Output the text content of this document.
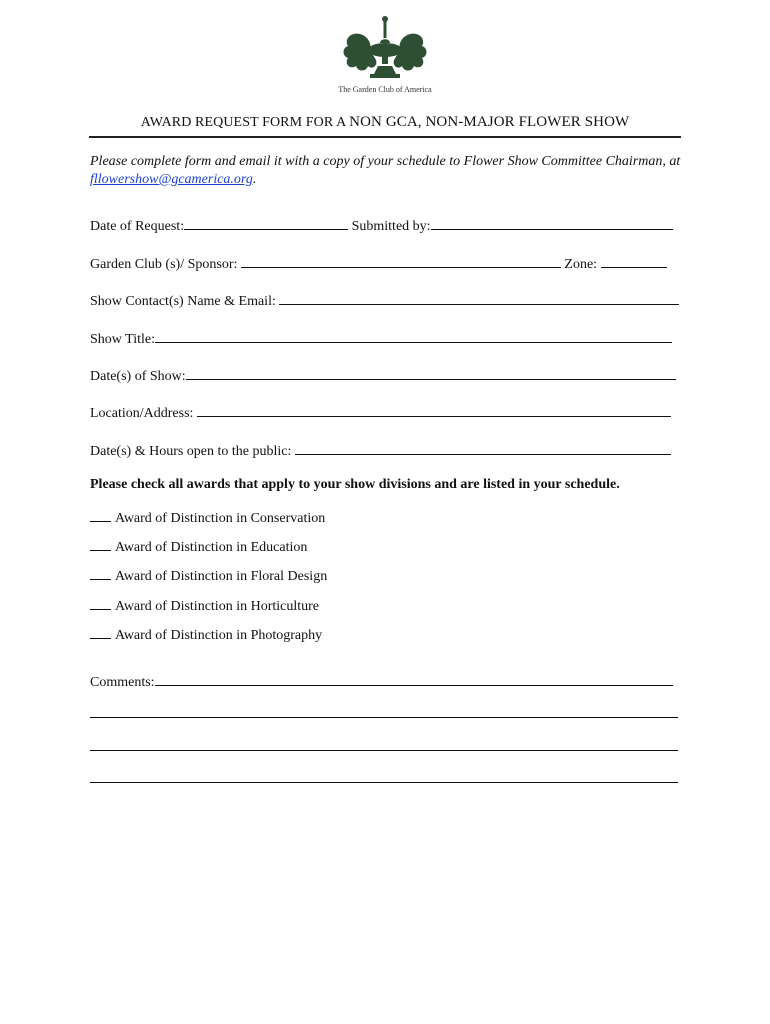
The Garden Club of America
AWARD REQUEST FORM FOR A NON GCA, NON-MAJOR FLOWER SHOW
Please complete form and email it with a copy of your schedule to Flower Show Committee Chairman, at fllowershow@gcamerica.org.
Date of Request:	Submitted by:
Garden Club (s)/ Sponsor:	Zone:
Show Contact(s) Name & Email:
Show Title:
Date(s) of Show:
Location/Address:
Date(s) & Hours open to the public:
Please check all awards that apply to your show divisions and are listed in your schedule.
Award of Distinction in Conservation
Award of Distinction in Education
Award of Distinction in Floral Design
Award of Distinction in Horticulture
Award of Distinction in Photography
Comments:
